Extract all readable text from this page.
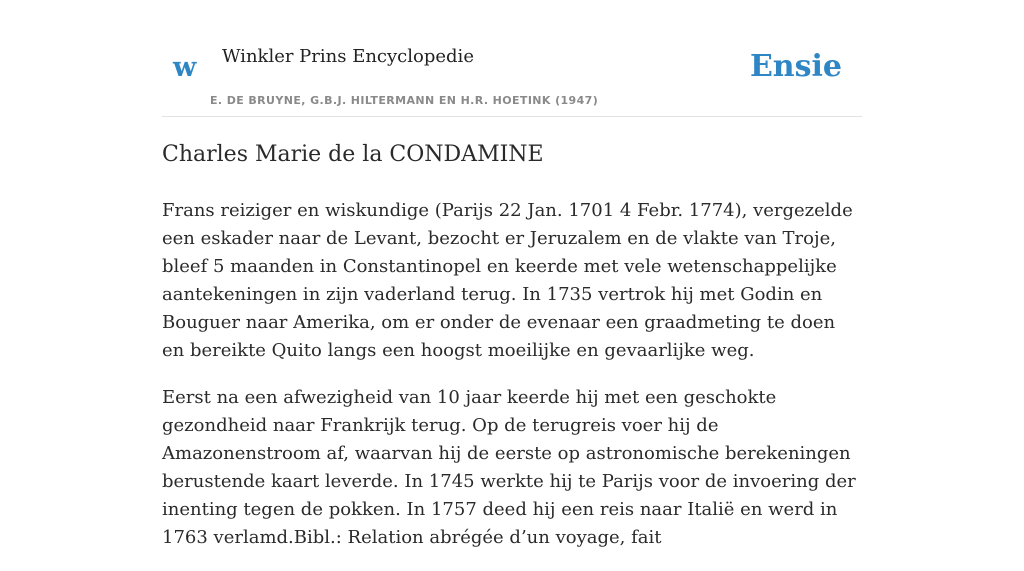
w Winkler Prins Encyclopedie
E. DE BRUYNE, G.B.J. HILTERMANN EN H.R. HOETINK (1947)
Ensie
Charles Marie de la CONDAMINE

Frans reiziger en wiskundige (Parijs 22 Jan. 1701 4 Febr. 1774), vergezelde een eskader naar de Levant, bezocht er Jeruzalem en de vlakte van Troje, bleef 5 maanden in Constantinopel en keerde met vele wetenschappelijke aantekeningen in zijn vaderland terug. In 1735 vertrok hij met Godin en Bouguer naar Amerika, om er onder de evenaar een graadmeting te doen en bereikte Quito langs een hoogst moeilijke en gevaarlijke weg.

Eerst na een afwezigheid van 10 jaar keerde hij met een geschokte gezondheid naar Frankrijk terug. Op de terugreis voer hij de Amazonenstroom af, waarvan hij de eerste op astronomische berekeningen berustende kaart leverde. In 1745 werkte hij te Parijs voor de invoering der inenting tegen de pokken. In 1757 deed hij een reis naar Italië en werd in 1763 verlamd.Bibl.: Relation abrégée d’un voyage, fait
